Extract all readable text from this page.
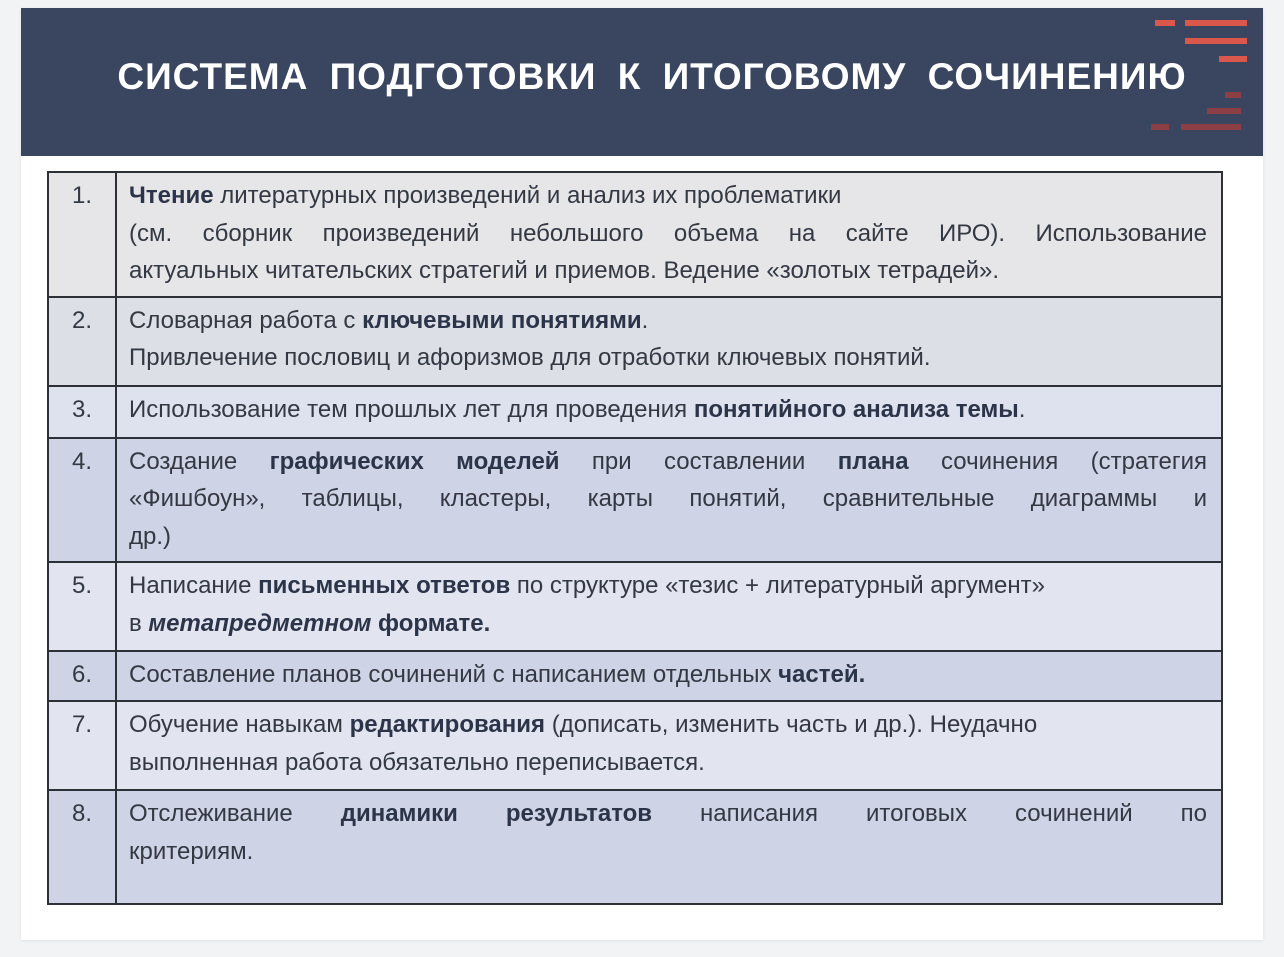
СИСТЕМА ПОДГОТОВКИ К ИТОГОВОМУ СОЧИНЕНИЮ
1.	Чтение литературных произведений и анализ их проблематики
(см. сборник произведений небольшого объема на сайте ИРО). Использование
актуальных читательских стратегий и приемов. Ведение «золотых тетрадей».

2.	Словарная работа с ключевыми понятиями.
Привлечение пословиц и афоризмов для отработки ключевых понятий.

3.	Использование тем прошлых лет для проведения понятийного анализа темы.

4.	Создание графических моделей при составлении плана сочинения (стратегия
«Фишбоун», таблицы, кластеры, карты понятий, сравнительные диаграммы и
др.)

5.	Написание письменных ответов по структуре «тезис + литературный аргумент»
в метапредметном формате.

6.	Составление планов сочинений с написанием отдельных частей.

7.	Обучение навыкам редактирования (дописать, изменить часть и др.). Неудачно
выполненная работа обязательно переписывается.

8.	Отслеживание динамики результатов написания итоговых сочинений по
критериям.
